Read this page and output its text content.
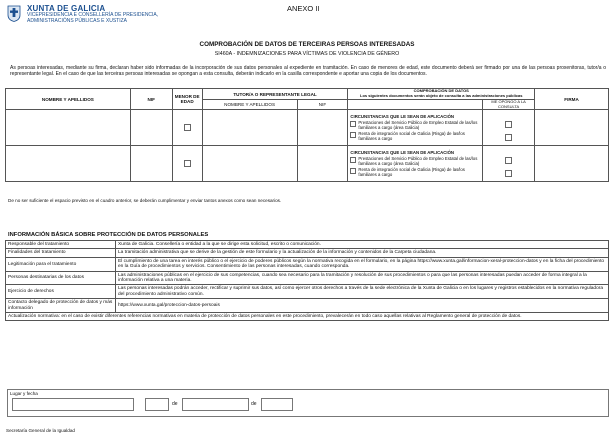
XUNTA DE GALICIA
VICEPRESIDENCIA E CONSELLERÍA DE PRESIDENCIA,
ADMINISTRACIÓNS PÚBLICAS E XUSTIZA
ANEXO II
COMPROBACIÓN DE DATOS DE TERCEIRAS PERSOAS INTERESADAS
SI460A - INDEMNIZACIONES PARA VÍCTIMAS DE VIOLENCIA DE GÉNERO
As persoas interesadas, mediante su firma, declaran haber sido informadas de la incorporación de sus datos personales al expediente en tramitación. En caso de menores de edad, este documento deberá ser firmado por una de las persoas proxenitoras, tutor/a o representante legal. En el caso de que las terceiras persoas interesadas se opongan a esta consulta, deberán indicarlo en la casilla correspondente e aportar una copia de los documentos.
NOMBRE Y APELLIDOS	NIF	MENOR DE EDAD	TUTOR/A O REPRESENTANTE LEGAL		COMPROBACIÓN DE DATOS
Los siguientes documentos serán objeto de consulta a las administraciones públicas		FIRMA
			NOMBRE Y APELLIDOS	NIF		ME OPONGO A LA CONSULTA	
					CIRCUNSTANCIAS QUE LE SEAN DE APLICACIÓN
Prestaciones del Servicio Público de Empleo Estatal de las/los familiares a cargo (área Galicia)
Renta de integración social de Galicia (Risga) de las/los familiares a cargo		

					CIRCUNSTANCIAS QUE LE SEAN DE APLICACIÓN
Prestaciones del Servicio Público de Empleo Estatal de las/los familiares a cargo (área Galicia)
Renta de integración social de Galicia (Risga) de las/los familiares a cargo		

De no ser suficiente el espacio previsto en el cuadro anterior, se deberán cumplimentar y enviar tantos anexos como sean necesarios.
INFORMACIÓN BÁSICA SOBRE PROTECCIÓN DE DATOS PERSONALES
Responsable del tratamiento	Xunta de Galicia. Consellería o entidad a la que se dirige esta solicitud, escrito o comunicación.
Finalidades del tratamiento	La tramitación administrativa que se derive de la gestión de este formulario y la actualización de la información y contenidos de la Carpeta ciudadana.
Legitimación para el tratamiento	El cumplimiento de una tarea en interés público o el ejercicio de poderes públicos según la normativa recogida en el formulario, en la página https://www.xunta.gal/informacion-xeral-proteccion-datos y en la ficha del procedimiento en la Guía de procedimientos y servicios. Consentimiento de las personas interesadas, cuando corresponda.
Personas destinatarias de los datos	Las administraciones públicas en el ejercicio de sus competencias, cuando sea necesario para la tramitación y resolución de sus procedimientos o para que las personas interesadas puedan acceder de forma integral a la información relativa a una materia.
Ejercicio de derechos	Las personas interesadas podrán acceder, rectificar y suprimir sus datos, así como ejercer otros derechos a través de la sede electrónica de la Xunta de Galicia o en los lugares y registros establecidos en la normativa reguladora del procedimiento administrativo común.
Contacto delegado de protección de datos y más información	https://www.xunta.gal/proteccion-datos-persoais
Actualización normativa: en el caso de existir diferentes referencias normativas en materia de protección de datos personales en este procedimiento, prevalecerán en todo caso aquellas relativas al Reglamento general de protección de datos.	
Lugar y fecha
de	de
Secretaría General de la Igualdad
